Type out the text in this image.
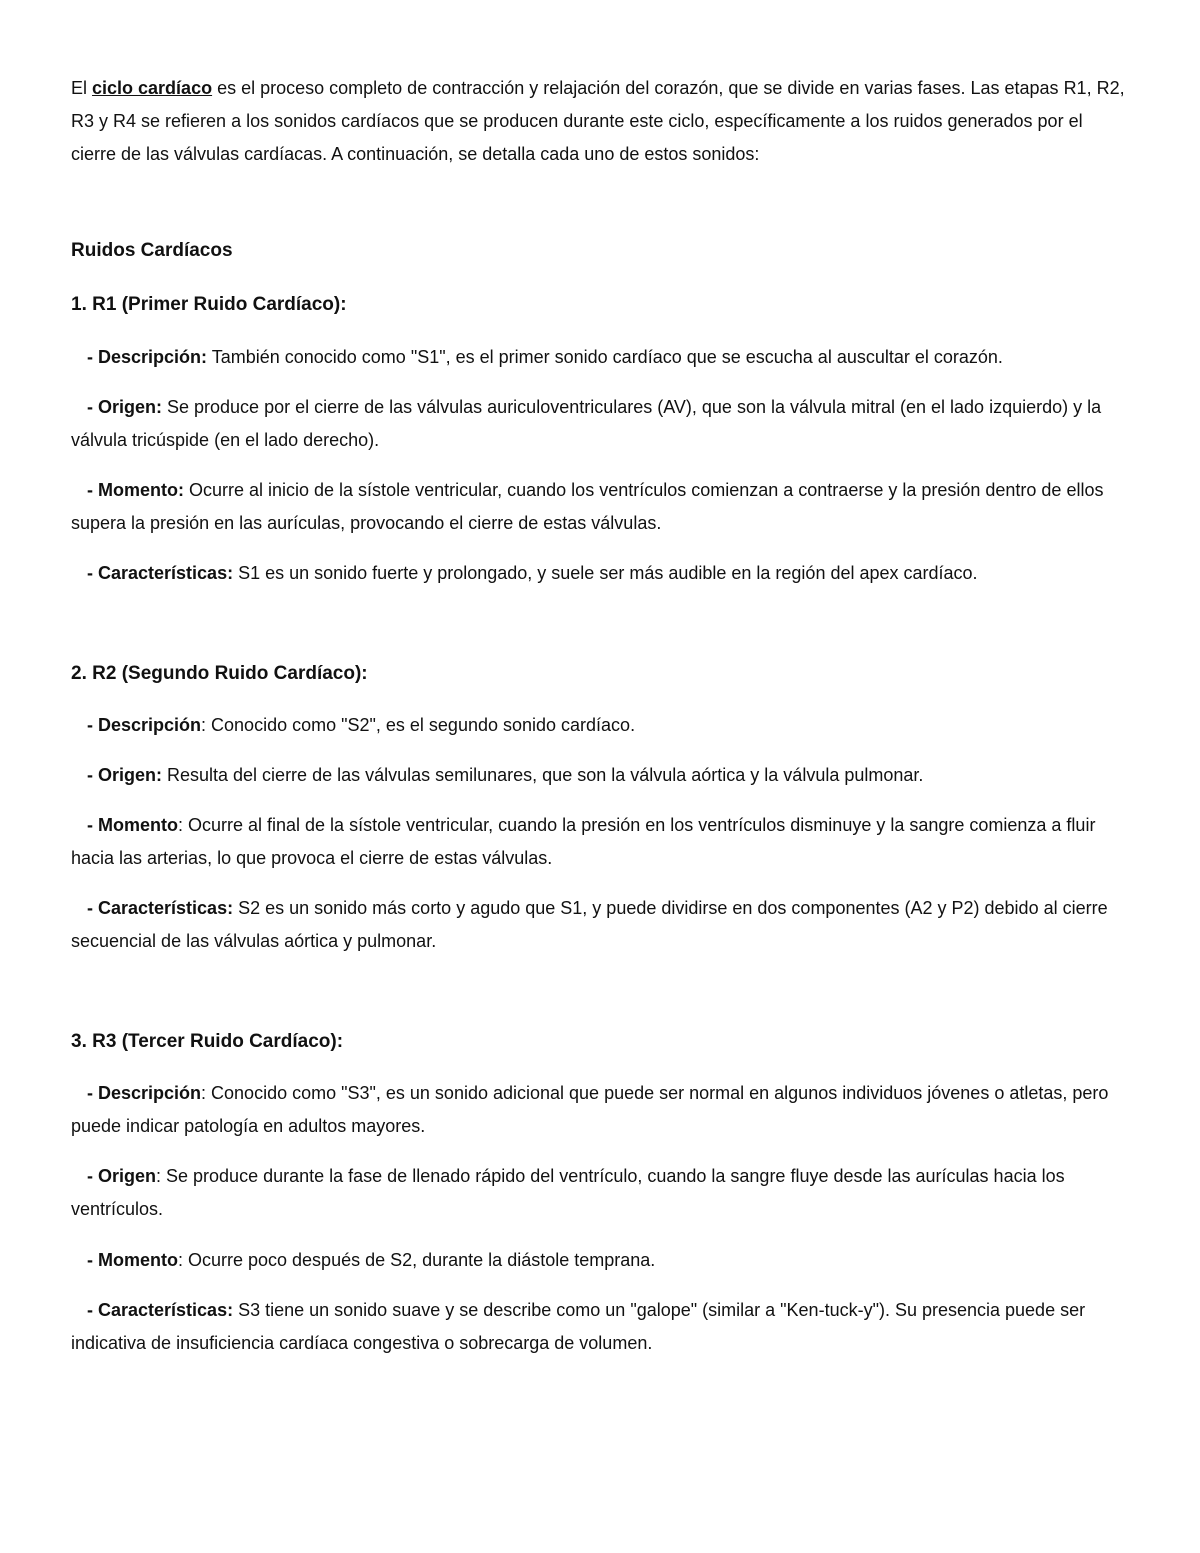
El ciclo cardíaco es el proceso completo de contracción y relajación del corazón, que se divide en varias fases. Las etapas R1, R2, R3 y R4 se refieren a los sonidos cardíacos que se producen durante este ciclo, específicamente a los ruidos generados por el cierre de las válvulas cardíacas. A continuación, se detalla cada uno de estos sonidos:

Ruidos Cardíacos
1. R1 (Primer Ruido Cardíaco):

- Descripción: También conocido como "S1", es el primer sonido cardíaco que se escucha al auscultar el corazón.

- Origen: Se produce por el cierre de las válvulas auriculoventriculares (AV), que son la válvula mitral (en el lado izquierdo) y la válvula tricúspide (en el lado derecho).

- Momento: Ocurre al inicio de la sístole ventricular, cuando los ventrículos comienzan a contraerse y la presión dentro de ellos supera la presión en las aurículas, provocando el cierre de estas válvulas.

- Características: S1 es un sonido fuerte y prolongado, y suele ser más audible en la región del apex cardíaco.

2. R2 (Segundo Ruido Cardíaco):

- Descripción: Conocido como "S2", es el segundo sonido cardíaco.

- Origen: Resulta del cierre de las válvulas semilunares, que son la válvula aórtica y la válvula pulmonar.

- Momento: Ocurre al final de la sístole ventricular, cuando la presión en los ventrículos disminuye y la sangre comienza a fluir hacia las arterias, lo que provoca el cierre de estas válvulas.

- Características: S2 es un sonido más corto y agudo que S1, y puede dividirse en dos componentes (A2 y P2) debido al cierre secuencial de las válvulas aórtica y pulmonar.

3. R3 (Tercer Ruido Cardíaco):

- Descripción: Conocido como "S3", es un sonido adicional que puede ser normal en algunos individuos jóvenes o atletas, pero puede indicar patología en adultos mayores.

- Origen: Se produce durante la fase de llenado rápido del ventrículo, cuando la sangre fluye desde las aurículas hacia los ventrículos.

- Momento: Ocurre poco después de S2, durante la diástole temprana.

- Características: S3 tiene un sonido suave y se describe como un "galope" (similar a "Ken-tuck-y"). Su presencia puede ser indicativa de insuficiencia cardíaca congestiva o sobrecarga de volumen.
